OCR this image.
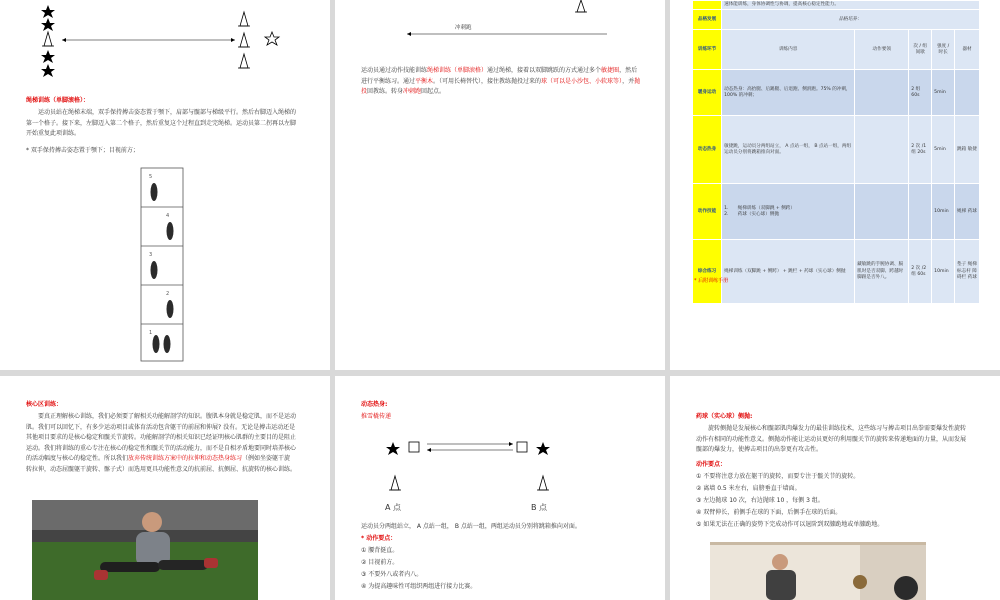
绳梯训练（单脚滚格）：
运动员站在绳梯末端，双手保持搏击姿态置于颚下，肩部与髋部与梯级平行。然后右脚迈入绳梯的第一个格子。接下来，左脚迈入第二个格子，然后重复这个过程直到走完绳梯。运动员第二拐再以左脚开始重复此项训练。
* 双手保持搏击姿态置于颚下；目视前方；
5
4
3
2
1
冲刺跑
运动员通过动作技能训练绳梯训练（单脚滚格）通过绳梯，接着以双脚跳跃的方式通过多个敏捷圈，然后进行平衡练习。通过平衡木。（可用长椅替代），接住教练抛投过来的球（可以是小沙包、小软球等），并抛投回教练。转身冲刺跑回起点。
	速体能训练，身体协调性与协调，提高核心稳定性能力。				
品格发展	品格培养：				
训练环节	训练内容	动作要领	次 / 组 间歇	强度 / 时长	器材
暖身运动	动态热身：高抬腿、后踢腿、后退跑、侧滑跑。75% 的冲刺， 100% 的冲刺；		2 组 60s	5min	
动态热身	敏捷跳，运动员分两组站立， A 点站一组， B 点站一组，两组运动员分别将跳箱推向对面。		2 次 /1 组 20s	5min	跳箱 敏捷
动作技能	1.　　绳梯训练（双脚跳 + 侧跨）
2.　　药球（实心球）侧抛			10min	绳梯 药球
综合练习	绳梯训练（双脚跳 + 侧跨） + 跳栏 + 药球（实心球）侧抛	藏敏跳的手腕协调、膈肌时是否双脚、跨越时脚跟是否外八。	2 次 /2 组 60s	10min	垫子 绳梯 标志杆 障碍栏 药球
* 后附训练手册
核心区训练：
要真正理解核心训练，我们必须要了解相关功能解剖学的知识。腹肌本身就是稳定肌，而不是运动肌。我们可以回忆下，有多少运动项目或体育活动包含躯干的前屈和伸展? 没有。无论是搏击运动还是其他项目要求的是核心稳定和髋关节旋转。功能解剖学的相关知识已经证明核心肌群的主要目的是阻止运动。我们将训练的重心专注在核心的稳定性和髋关节的活动能力，而不是自相矛盾地要同时培养核心的活动幅度与核心的稳定性。所以我们放弃传统训练方案中的拉伸和动态热身练习（例如坐姿躯干旋转拉伸，动态屈髋躯干旋转、髂子式）而选用更具功能性意义的抗前屈、抗侧屈、抗旋转的核心训练。
动态热身:
推雪橇传递
A 点	B 点
运动员分两组站立， A 点站一组， B 点站一组，两组运动员分别将跳箱推向对面。
* 动作要点：
① 腰背挺直。
② 目视前方。
③ 不要外八或者内八。
④ 为提高趣味性可组织两组进行接力比赛。
药球（实心球）侧抛:
旋转侧抛是发展核心和髋部肌肉爆发力的最佳训练技术，这些练习与搏击项目出拳需要爆发性旋转动作有相同的功能性意义。侧抛动作能让运动员更好的利用髋关节的旋转来传递地面的力量，从而发展髋部的爆发力，使搏击项目的出拳更有攻击性。
动作要点：
① 不要将注意力放在躯干的旋转，而要专注于髋关节的旋转。
② 离墙 0.5 米左右，肩膀垂直于墙面。
③ 左边抛球 10 次，右边抛球 10 ，每侧 3 组。
④ 双臂伸长，前侧手在球的下面，后侧手在球的后面。
⑤ 如果无法在正确的姿势下完成动作可以退阶到双膝跪地或单膝跪地。
